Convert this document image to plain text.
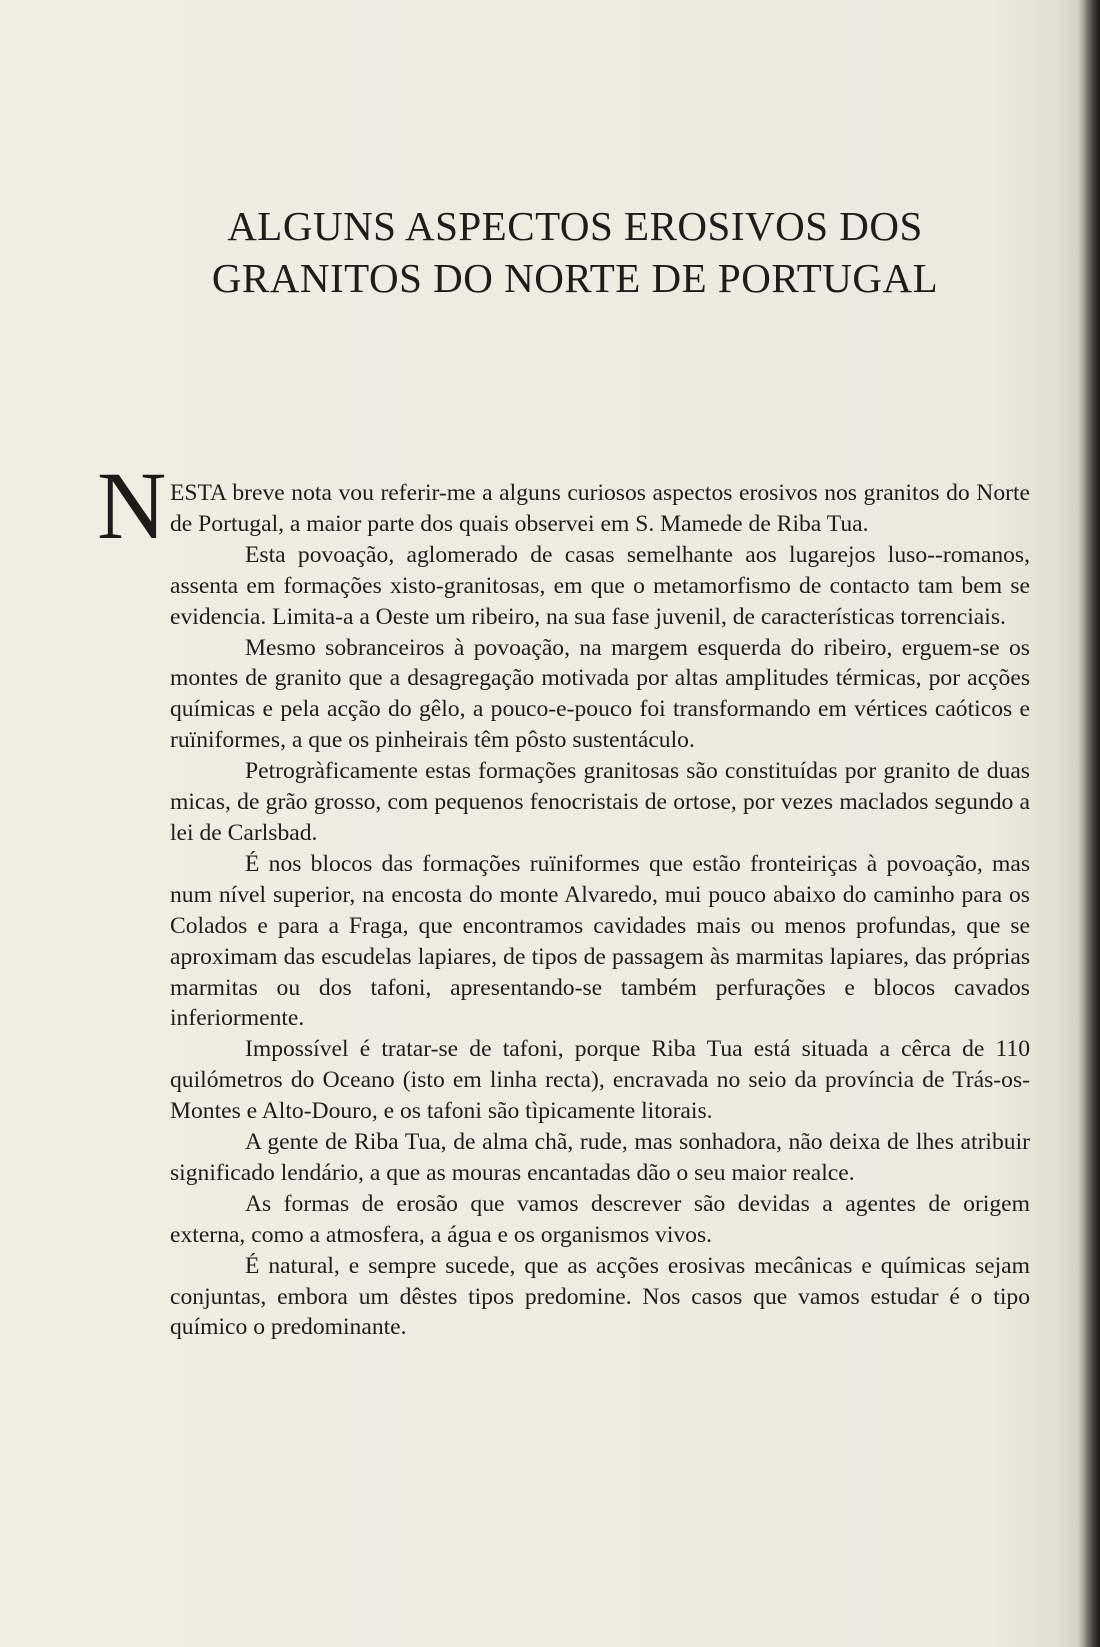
ALGUNS ASPECTOS EROSIVOS DOS
GRANITOS DO NORTE DE PORTUGAL
N ESTA breve nota vou referir-me a alguns curiosos aspectos erosivos nos granitos do Norte de Portugal, a maior parte dos quais observei em S. Mamede de Riba Tua.

Esta povoação, aglomerado de casas semelhante aos lugarejos luso--romanos, assenta em formações xisto-granitosas, em que o metamorfismo de contacto tam bem se evidencia. Limita-a a Oeste um ribeiro, na sua fase juvenil, de características torrenciais.

Mesmo sobranceiros à povoação, na margem esquerda do ribeiro, erguem-se os montes de granito que a desagregação motivada por altas amplitudes térmicas, por acções químicas e pela acção do gêlo, a pouco-e-pouco foi transformando em vértices caóticos e ruïniformes, a que os pinheirais têm pôsto sustentáculo.

Petrogràficamente estas formações granitosas são constituídas por granito de duas micas, de grão grosso, com pequenos fenocristais de ortose, por vezes maclados segundo a lei de Carlsbad.

É nos blocos das formações ruïniformes que estão fronteiriças à povoação, mas num nível superior, na encosta do monte Alvaredo, mui pouco abaixo do caminho para os Colados e para a Fraga, que encontramos cavidades mais ou menos profundas, que se aproximam das escudelas lapiares, de tipos de passagem às marmitas lapiares, das próprias marmitas ou dos tafoni, apresentando-se também perfurações e blocos cavados inferiormente.

Impossível é tratar-se de tafoni, porque Riba Tua está situada a cêrca de 110 quilómetros do Oceano (isto em linha recta), encravada no seio da província de Trás-os-Montes e Alto-Douro, e os tafoni são tìpicamente litorais.

A gente de Riba Tua, de alma chã, rude, mas sonhadora, não deixa de lhes atribuir significado lendário, a que as mouras encantadas dão o seu maior realce.

As formas de erosão que vamos descrever são devidas a agentes de origem externa, como a atmosfera, a água e os organismos vivos.

É natural, e sempre sucede, que as acções erosivas mecânicas e químicas sejam conjuntas, embora um dêstes tipos predomine. Nos casos que vamos estudar é o tipo químico o predominante.
